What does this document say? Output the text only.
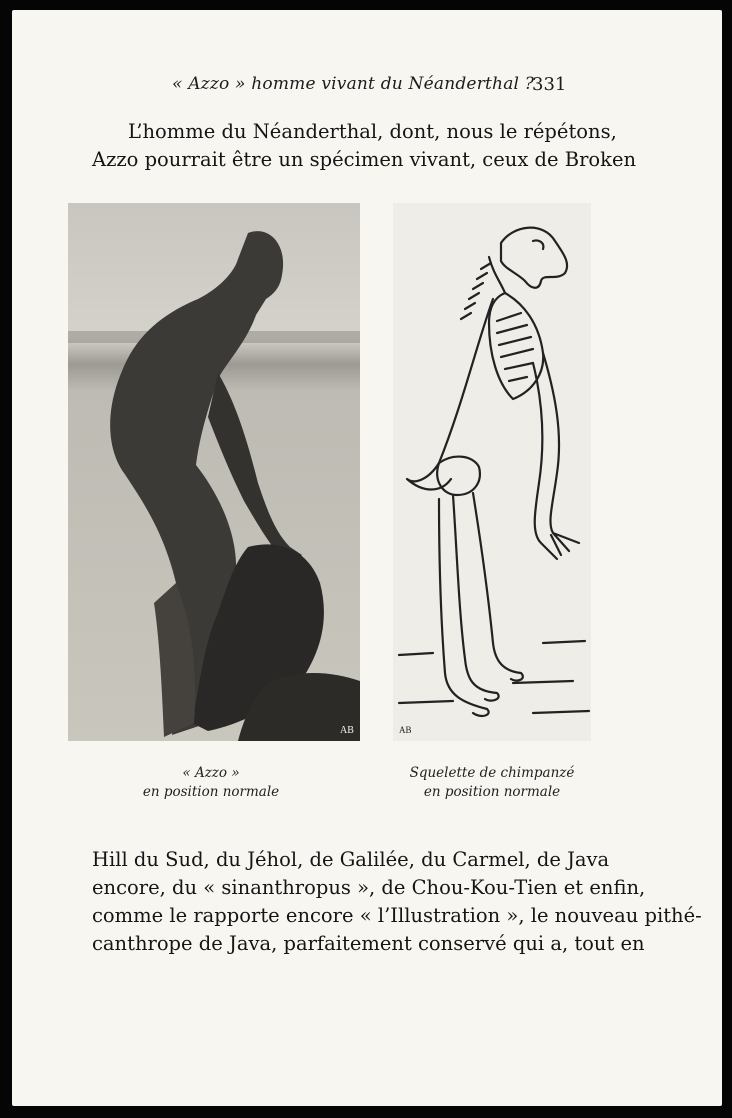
« Azzo » homme vivant du Néanderthal ?
331
L’homme du Néanderthal, dont, nous le répétons,
Azzo pourrait être un spécimen vivant, ceux de Broken
AB	AB
« Azzo »
en position normale
Squelette de chimpanzé
en position normale
Hill du Sud, du Jéhol, de Galilée, du Carmel, de Java
encore, du « sinanthropus », de Chou-Kou-Tien et enfin,
comme le rapporte encore « l’Illustration », le nouveau pithé-
canthrope de Java, parfaitement conservé qui a, tout en
